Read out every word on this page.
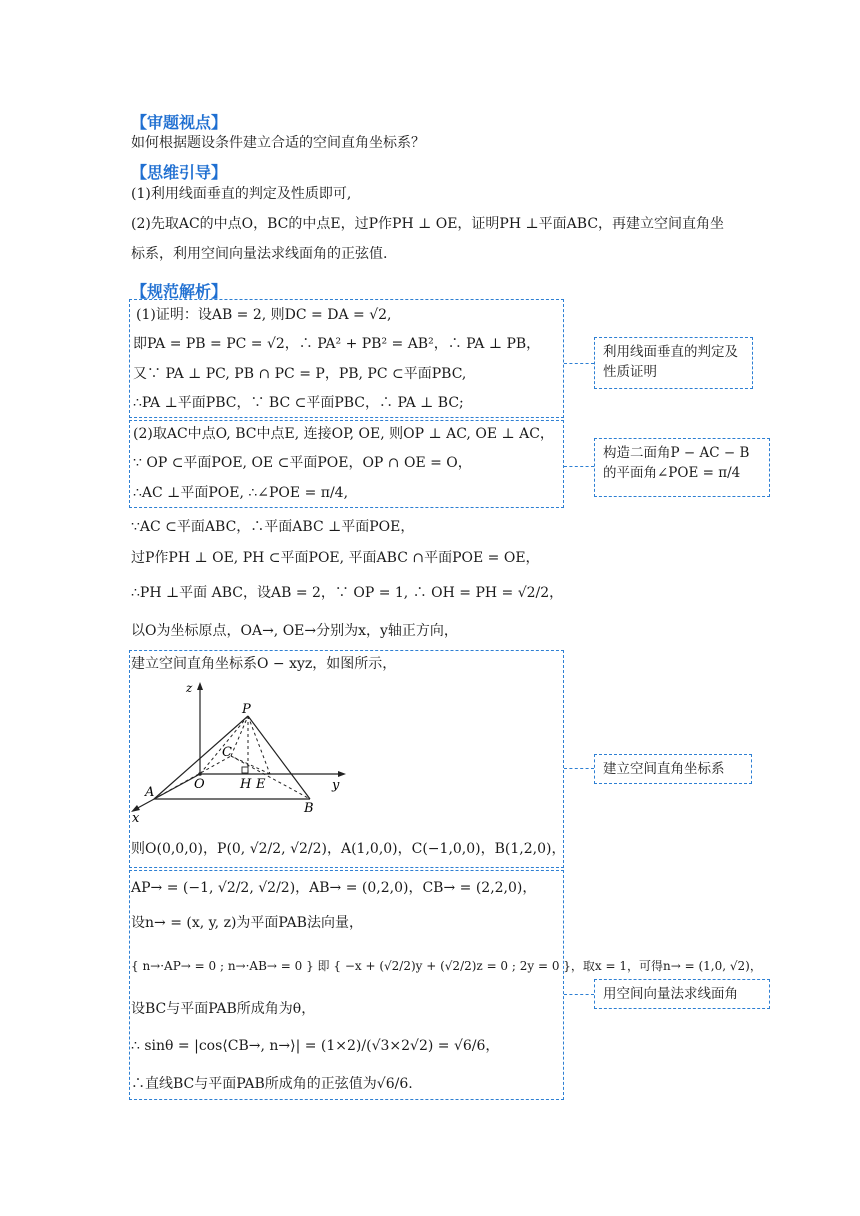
【审题视点】
如何根据题设条件建立合适的空间直角坐标系？
【思维引导】
(1)利用线面垂直的判定及性质即可,
(2)先取AC的中点O，BC的中点E，过P作PH ⊥ OE，证明PH ⊥平面ABC，再建立空间直角坐
标系，利用空间向量法求线面角的正弦值.
【规范解析】
(1)证明：设AB = 2, 则DC = DA = √2,
即PA = PB = PC = √2，∴ PA² + PB² = AB²，∴ PA ⊥ PB，
又∵ PA ⊥ PC, PB ∩ PC = P，PB, PC ⊂平面PBC,
∴PA ⊥平面PBC，∵ BC ⊂平面PBC，∴ PA ⊥ BC;
(2)取AC中点O, BC中点E, 连接OP, OE, 则OP ⊥ AC, OE ⊥ AC，
∵ OP ⊂平面POE, OE ⊂平面POE，OP ∩ OE = O，
∴AC ⊥平面POE, ∴∠POE = π/4,
∵AC ⊂平面ABC，∴平面ABC ⊥平面POE，
过P作PH ⊥ OE, PH ⊂平面POE, 平面ABC ∩平面POE = OE，
∴PH ⊥平面 ABC，设AB = 2，∵ OP = 1, ∴ OH = PH = √2/2，
以O为坐标原点，OA→, OE→分别为x，y轴正方向，
建立空间直角坐标系O − xyz，如图所示，
z
y
x
P
C
O	H E
A
B
则O(0,0,0)，P(0, √2/2, √2/2)，A(1,0,0)，C(−1,0,0)，B(1,2,0)，
AP→ = (−1, √2/2, √2/2)，AB→ = (0,2,0)，CB→ = (2,2,0)，
设n→ = (x, y, z)为平面PAB法向量，
{ n→·AP→ = 0 ; n→·AB→ = 0 } 即 { −x + (√2/2)y + (√2/2)z = 0 ; 2y = 0 }，取x = 1，可得n→ = (1,0, √2)，
设BC与平面PAB所成角为θ，
∴ sinθ = |cos⟨CB→, n→⟩| = (1×2)/(√3×2√2) = √6/6，
∴直线BC与平面PAB所成角的正弦值为√6/6.
利用线面垂直的判定及性质证明
构造二面角P − AC − B的平面角∠POE = π/4
建立空间直角坐标系
用空间向量法求线面角
